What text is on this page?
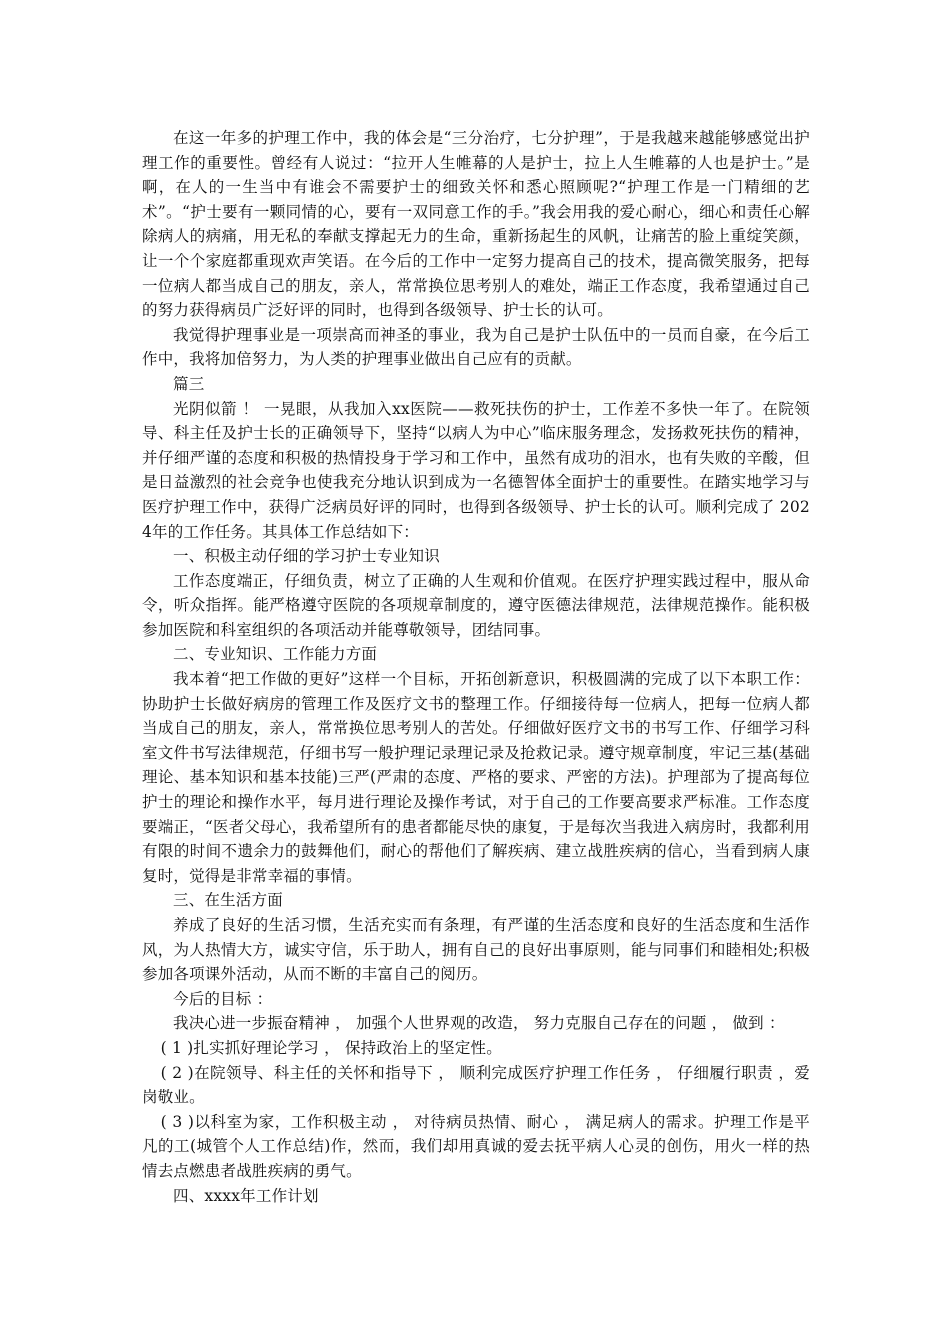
在这一年多的护理工作中，我的体会是“三分治疗，七分护理”，于是我越来越能够感觉出护理工作的重要性。曾经有人说过：“拉开人生帷幕的人是护士，拉上人生帷幕的人也是护士。”是啊，在人的一生当中有谁会不需要护士的细致关怀和悉心照顾呢?“护理工作是一门精细的艺术”。“护士要有一颗同情的心，要有一双同意工作的手。”我会用我的爱心耐心，细心和责任心解除病人的病痛，用无私的奉献支撑起无力的生命，重新扬起生的风帆，让痛苦的脸上重绽笑颜，让一个个家庭都重现欢声笑语。在今后的工作中一定努力提高自己的技术，提高微笑服务，把每一位病人都当成自己的朋友，亲人，常常换位思考别人的难处，端正工作态度，我希望通过自己的努力获得病员广泛好评的同时，也得到各级领导、护士长的认可。

我觉得护理事业是一项崇高而神圣的事业，我为自己是护士队伍中的一员而自豪，在今后工作中，我将加倍努力，为人类的护理事业做出自己应有的贡献。

篇三

光阴似箭 ！ 一晃眼，从我加入xx医院——救死扶伤的护士，工作差不多快一年了。在院领导、科主任及护士长的正确领导下，坚持“以病人为中心”临床服务理念，发扬救死扶伤的精神，并仔细严谨的态度和积极的热情投身于学习和工作中，虽然有成功的泪水，也有失败的辛酸，但是日益激烈的社会竞争也使我充分地认识到成为一名德智体全面护士的重要性。在踏实地学习与医疗护理工作中，获得广泛病员好评的同时，也得到各级领导、护士长的认可。顺利完成了 2024年的工作任务。其具体工作总结如下：

一、积极主动仔细的学习护士专业知识

工作态度端正，仔细负责，树立了正确的人生观和价值观。在医疗护理实践过程中，服从命令，听众指挥。能严格遵守医院的各项规章制度的，遵守医德法律规范，法律规范操作。能积极参加医院和科室组织的各项活动并能尊敬领导，团结同事。

二、专业知识、工作能力方面

我本着“把工作做的更好”这样一个目标，开拓创新意识，积极圆满的完成了以下本职工作：协助护士长做好病房的管理工作及医疗文书的整理工作。仔细接待每一位病人，把每一位病人都当成自己的朋友，亲人，常常换位思考别人的苦处。仔细做好医疗文书的书写工作、仔细学习科室文件书写法律规范，仔细书写一般护理记录理记录及抢救记录。遵守规章制度，牢记三基(基础理论、基本知识和基本技能)三严(严肃的态度、严格的要求、严密的方法)。护理部为了提高每位护士的理论和操作水平，每月进行理论及操作考试，对于自己的工作要高要求严标准。工作态度要端正，“医者父母心，我希望所有的患者都能尽快的康复，于是每次当我进入病房时，我都利用有限的时间不遗余力的鼓舞他们，耐心的帮他们了解疾病、建立战胜疾病的信心，当看到病人康复时，觉得是非常幸福的事情。

三、在生活方面

养成了良好的生活习惯，生活充实而有条理，有严谨的生活态度和良好的生活态度和生活作风，为人热情大方，诚实守信，乐于助人，拥有自己的良好出事原则，能与同事们和睦相处;积极参加各项课外活动，从而不断的丰富自己的阅历。

今后的目标 ：

我决心进一步振奋精神 ， 加强个人世界观的改造， 努力克服自己存在的问题 ， 做到 ：

( 1 )扎实抓好理论学习 ， 保持政治上的坚定性。

( 2 )在院领导、科主任的关怀和指导下 ， 顺利完成医疗护理工作任务 ， 仔细履行职责 ，爱岗敬业。

( 3 )以科室为家，工作积极主动 ， 对待病员热情、耐心 ， 满足病人的需求。护理工作是平凡的工(城管个人工作总结)作，然而，我们却用真诚的爱去抚平病人心灵的创伤，用火一样的热情去点燃患者战胜疾病的勇气。

四、xxxx年工作计划
